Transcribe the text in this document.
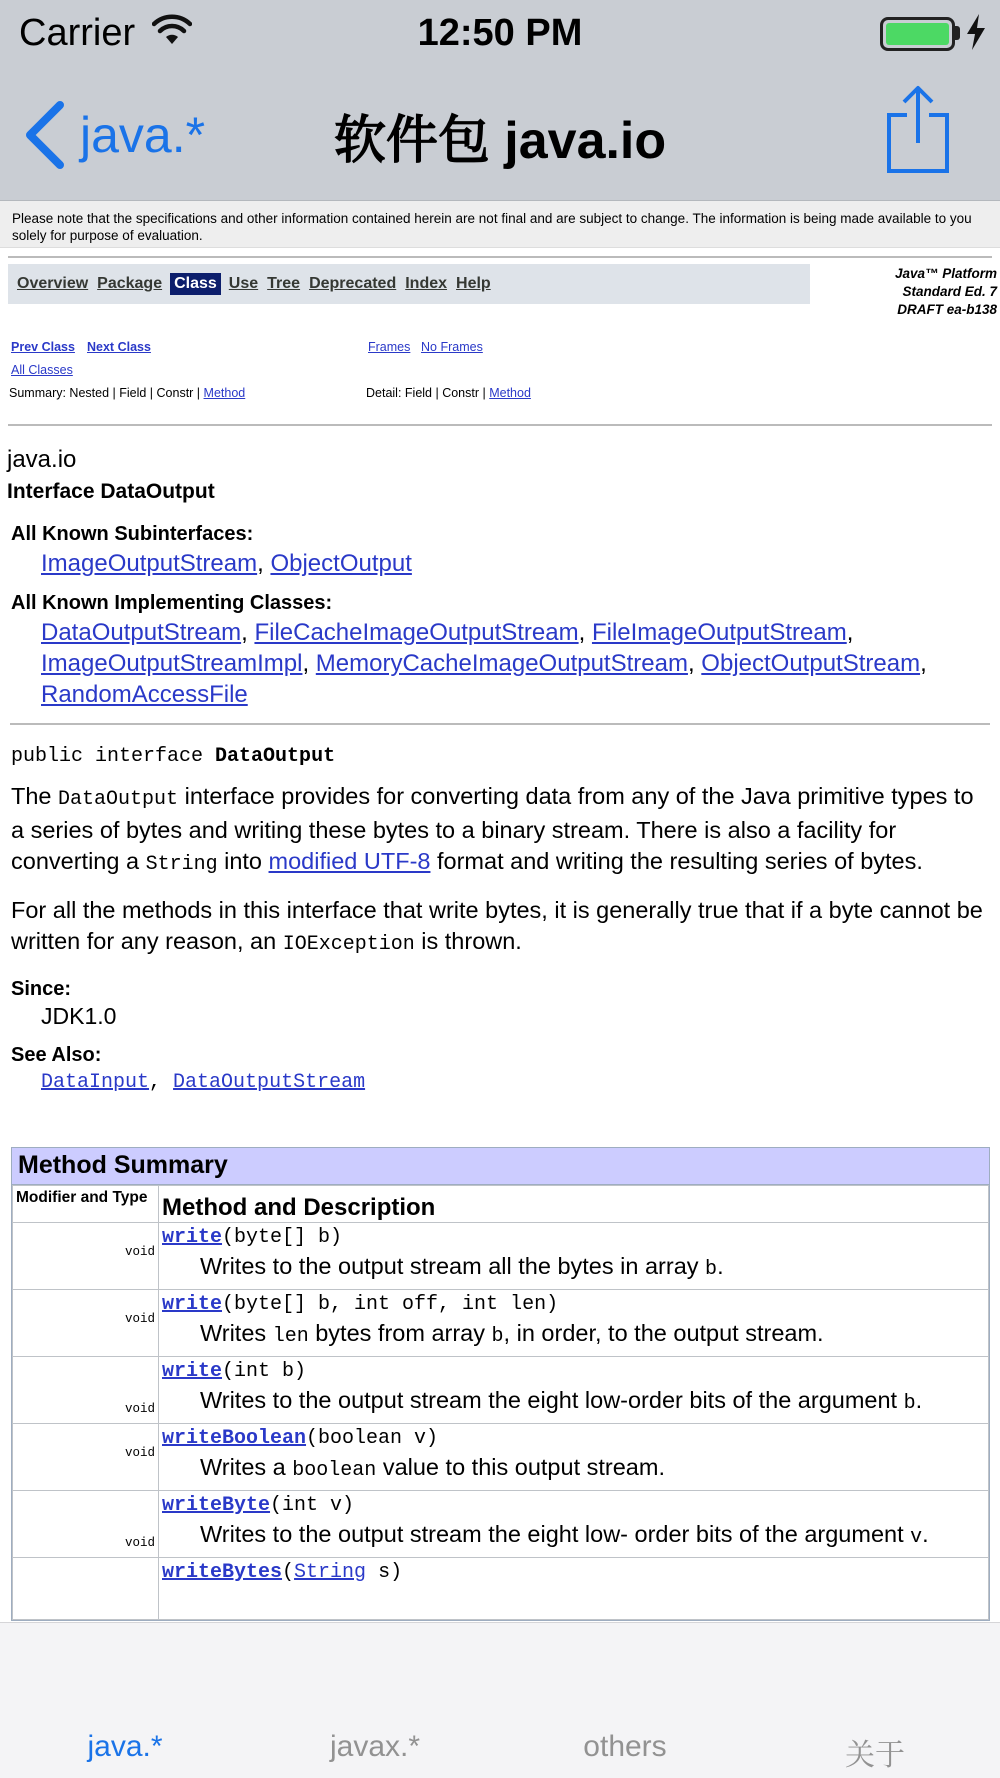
Carrier	12:50 PM
java.*	软件包 java.io
Please note that the specifications and other information contained herein are not final and are subject to change. The information is being made available to you solely for purpose of evaluation.
Overview Package Class Use Tree Deprecated Index Help
Java™ Platform
Standard Ed. 7
DRAFT ea-b138
Prev Class Next Class	Frames No Frames
All Classes
Summary: Nested | Field | Constr | Method	Detail: Field | Constr | Method
java.io
Interface DataOutput
All Known Subinterfaces:
ImageOutputStream, ObjectOutput
All Known Implementing Classes:
DataOutputStream, FileCacheImageOutputStream, FileImageOutputStream,
ImageOutputStreamImpl, MemoryCacheImageOutputStream, ObjectOutputStream,
RandomAccessFile
public interface DataOutput

The DataOutput interface provides for converting data from any of the Java primitive types to a series of bytes and writing these bytes to a binary stream. There is also a facility for converting a String into modified UTF-8 format and writing the resulting series of bytes.

For all the methods in this interface that write bytes, it is generally true that if a byte cannot be written for any reason, an IOException is thrown.

Since:
JDK1.0
See Also:
DataInput, DataOutputStream
Method Summary
Modifier and Type	Method and Description
void	write(byte[] b)
Writes to the output stream all the bytes in array b.

void	write(byte[] b, int off, int len)
Writes len bytes from array b, in order, to the output stream.

void	write(int b)
Writes to the output stream the eight low-order bits of the argument b.

void	writeBoolean(boolean v)
Writes a boolean value to this output stream.

void	writeByte(int v)
Writes to the output stream the eight low- order bits of the argument v.

	writeBytes(String s)
java.*	javax.*	others	关于
